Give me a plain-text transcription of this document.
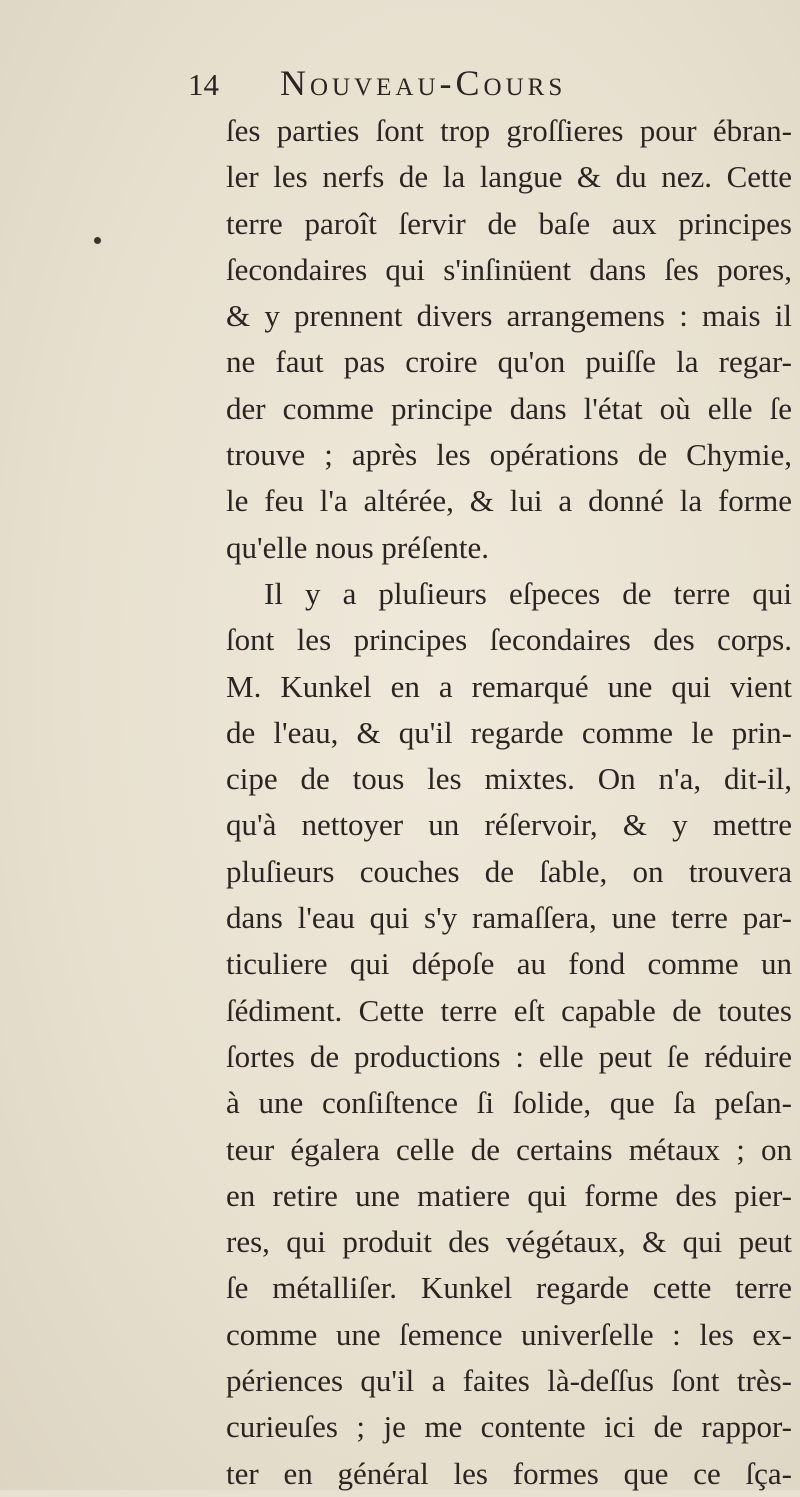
14	Nouveau-Cours
ſes parties ſont trop groſſieres pour ébran-
ler les nerfs de la langue & du nez. Cette
terre paroît ſervir de baſe aux principes
ſecondaires qui s'inſinüent dans ſes pores,
& y prennent divers arrangemens : mais il
ne faut pas croire qu'on puiſſe la regar-
der comme principe dans l'état où elle ſe
trouve ; après les opérations de Chymie,
le feu l'a altérée, & lui a donné la forme
qu'elle nous préſente.
Il y a pluſieurs eſpeces de terre qui
ſont les principes ſecondaires des corps.
M. Kunkel en a remarqué une qui vient
de l'eau, & qu'il regarde comme le prin-
cipe de tous les mixtes. On n'a, dit-il,
qu'à nettoyer un réſervoir, & y mettre
pluſieurs couches de ſable, on trouvera
dans l'eau qui s'y ramaſſera, une terre par-
ticuliere qui dépoſe au fond comme un
ſédiment. Cette terre eſt capable de toutes
ſortes de productions : elle peut ſe réduire
à une conſiſtence ſi ſolide, que ſa peſan-
teur égalera celle de certains métaux ; on
en retire une matiere qui forme des pier-
res, qui produit des végétaux, & qui peut
ſe métalliſer. Kunkel regarde cette terre
comme une ſemence univerſelle : les ex-
périences qu'il a faites là-deſſus ſont très-
curieuſes ; je me contente ici de rappor-
ter en général les formes que ce ſça-
